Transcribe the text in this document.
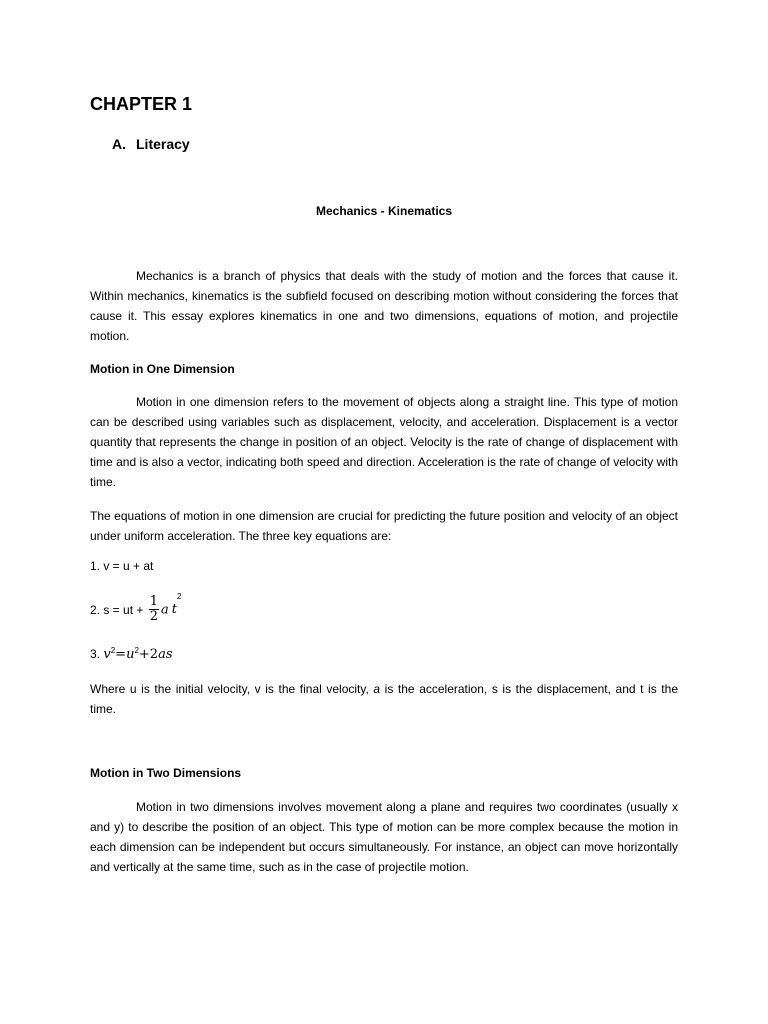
CHAPTER 1
A. Literacy
Mechanics - Kinematics

Mechanics is a branch of physics that deals with the study of motion and the forces that cause it. Within mechanics, kinematics is the subfield focused on describing motion without considering the forces that cause it. This essay explores kinematics in one and two dimensions, equations of motion, and projectile motion.

Motion in One Dimension

Motion in one dimension refers to the movement of objects along a straight line. This type of motion can be described using variables such as displacement, velocity, and acceleration. Displacement is a vector quantity that represents the change in position of an object. Velocity is the rate of change of displacement with time and is also a vector, indicating both speed and direction. Acceleration is the rate of change of velocity with time.

The equations of motion in one dimension are crucial for predicting the future position and velocity of an object under uniform acceleration. The three key equations are:

1. v = u + at

2. s = ut + $\frac{1}{2}$ a $t^2$

3. $v^2=u^2+2as$

Where u is the initial velocity, v is the final velocity, a is the acceleration, s is the displacement, and t is the time.

Motion in Two Dimensions

Motion in two dimensions involves movement along a plane and requires two coordinates (usually x and y) to describe the position of an object. This type of motion can be more complex because the motion in each dimension can be independent but occurs simultaneously. For instance, an object can move horizontally and vertically at the same time, such as in the case of projectile motion.
